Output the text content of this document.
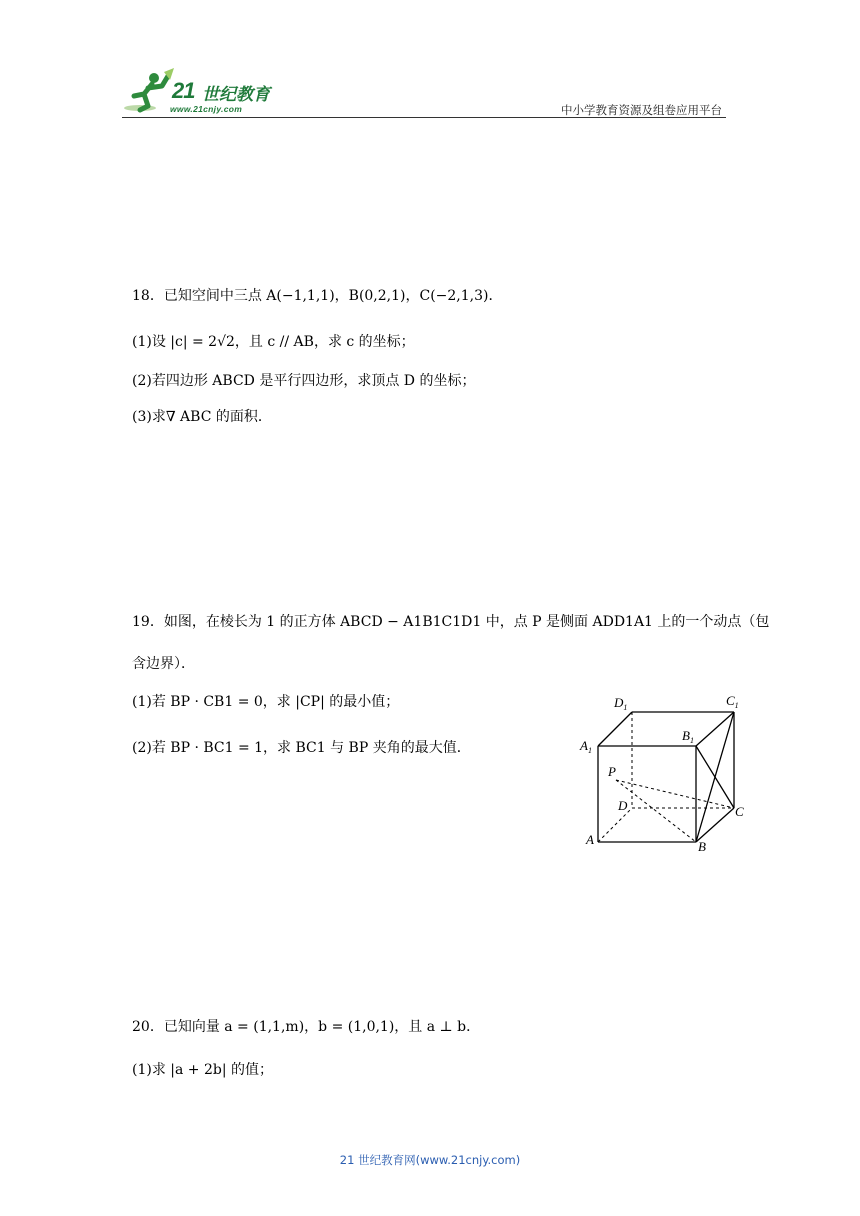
21 世纪教育
www.21cnjy.com	中小学教育资源及组卷应用平台
18．已知空间中三点 A(−1,1,1)，B(0,2,1)，C(−2,1,3)．
(1)设 |c| = 2√2，且 c // AB，求 c 的坐标；
(2)若四边形 ABCD 是平行四边形，求顶点 D 的坐标；
(3)求∇ ABC 的面积．
19．如图，在棱长为 1 的正方体 ABCD − A1B1C1D1 中，点 P 是侧面 ADD1A1 上的一个动点（包
含边界）．
(1)若 BP · CB1 = 0，求 |CP| 的最小值；
(2)若 BP · BC1 = 1，求 BC1 与 BP 夹角的最大值．
$D_1$	$C_1$
$A_1$
$B_1$
P
D	C
A	B
20．已知向量 a = (1,1,m)，b = (1,0,1)，且 a ⊥ b．
(1)求 |a + 2b| 的值；
21 世纪教育网(www.21cnjy.com)
